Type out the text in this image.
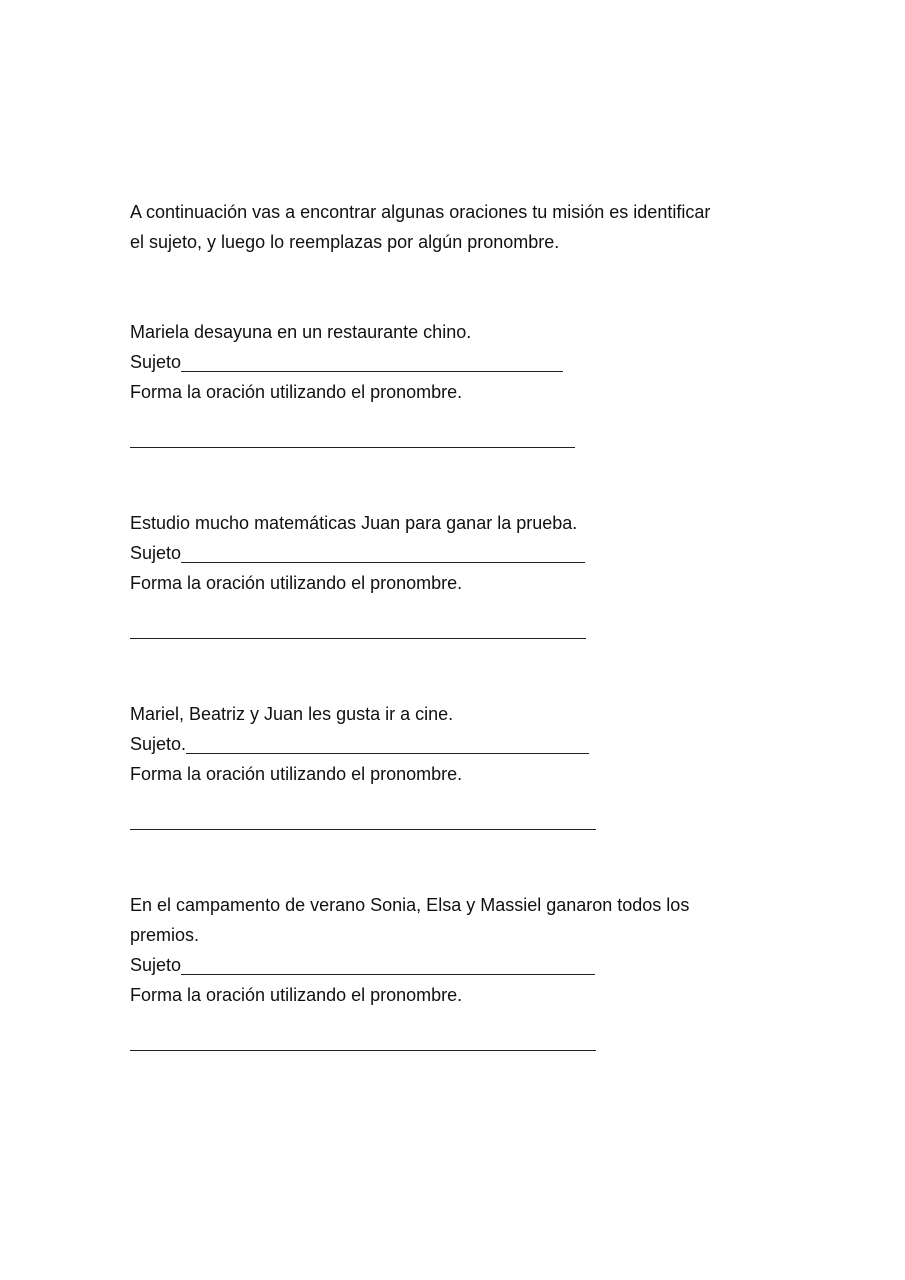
A continuación vas a encontrar algunas oraciones tu misión es identificar
el sujeto, y luego lo reemplazas por algún pronombre.
Mariela desayuna en un restaurante chino.
Sujeto
Forma la oración utilizando el pronombre.
Estudio mucho matemáticas Juan para ganar la prueba.
Sujeto
Forma la oración utilizando el pronombre.
Mariel, Beatriz y Juan les gusta ir a cine.
Sujeto.
Forma la oración utilizando el pronombre.
En el campamento de verano Sonia, Elsa y Massiel ganaron todos los
premios.
Sujeto
Forma la oración utilizando el pronombre.
